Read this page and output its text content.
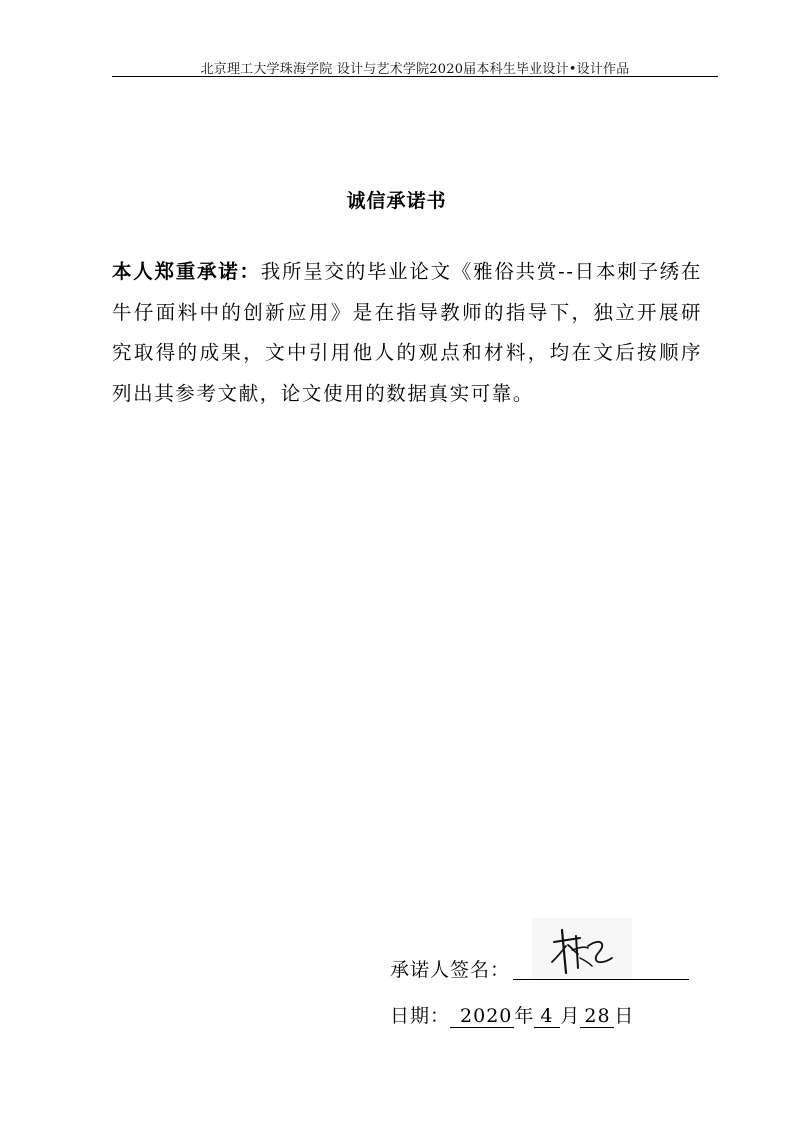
北京理工大学珠海学院 设计与艺术学院2020届本科生毕业设计•设计作品
诚信承诺书
本人郑重承诺：我所呈交的毕业论文《雅俗共赏--日本刺子绣在牛仔面料中的创新应用》是在指导教师的指导下，独立开展研究取得的成果，文中引用他人的观点和材料，均在文后按顺序列出其参考文献，论文使用的数据真实可靠。
承诺人签名：
日期： 2020 年 4 月 28 日
